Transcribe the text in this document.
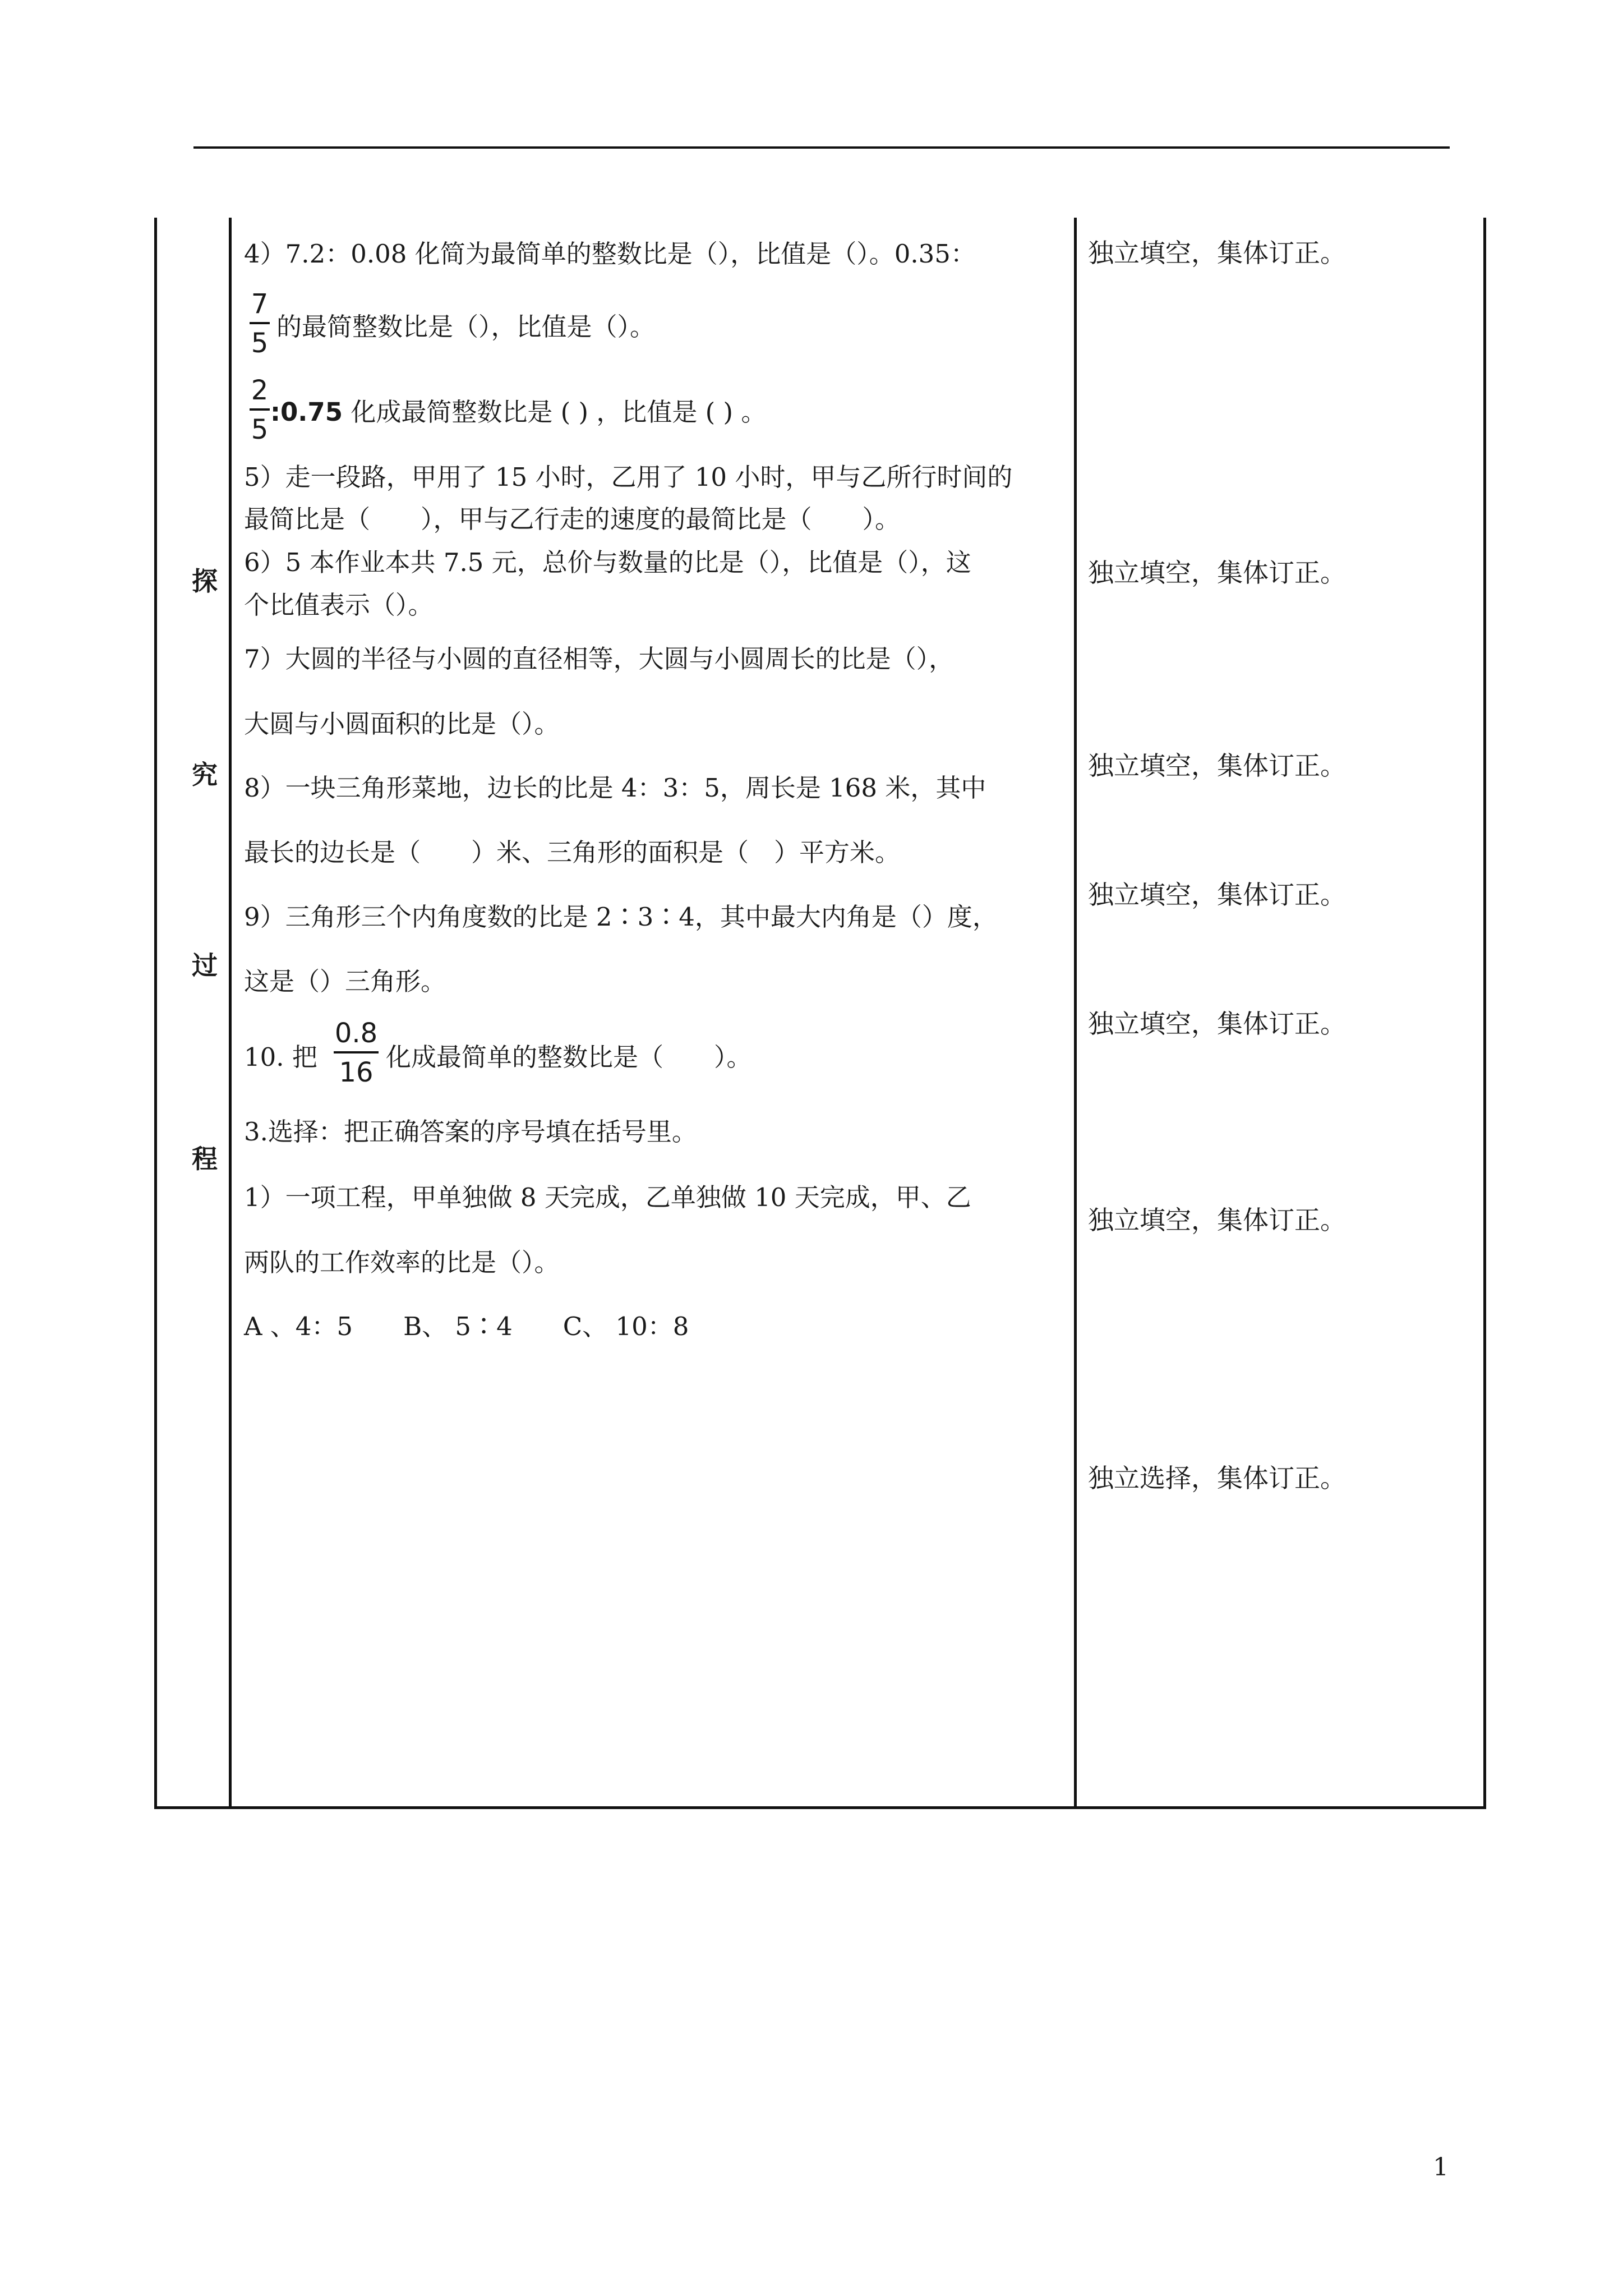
探
究
过
程
4）7.2：0.08 化简为最简单的整数比是（），比值是（）。0.35：
7
5
的最简整数比是（），比值是（）。
2
5
:0.75 化成最简整数比是 ( ) ，比值是 ( ) 。
5）走一段路，甲用了 15 小时，乙用了 10 小时，甲与乙所行时间的
最简比是（　　），甲与乙行走的速度的最简比是（　　）。
6）5 本作业本共 7.5 元，总价与数量的比是（），比值是（），这
个比值表示（）。
7）大圆的半径与小圆的直径相等，大圆与小圆周长的比是（），
大圆与小圆面积的比是（）。
8）一块三角形菜地，边长的比是 4：3：5，周长是 168 米，其中
最长的边长是（　　）米、三角形的面积是（　）平方米。
9）三角形三个内角度数的比是 2∶3∶4，其中最大内角是（）度，
这是（）三角形。
10. 把
0.8
16 化成最简单的整数比是（　　）。
3.选择：把正确答案的序号填在括号里。
1）一项工程，甲单独做 8 天完成，乙单独做 10 天完成，甲、乙
两队的工作效率的比是（）。
A 、4：5　　B、 5∶4　　C、 10：8
独立填空，集体订正。
独立填空，集体订正。
独立填空，集体订正。
独立填空，集体订正。
独立填空，集体订正。
独立填空，集体订正。
独立选择，集体订正。
1
